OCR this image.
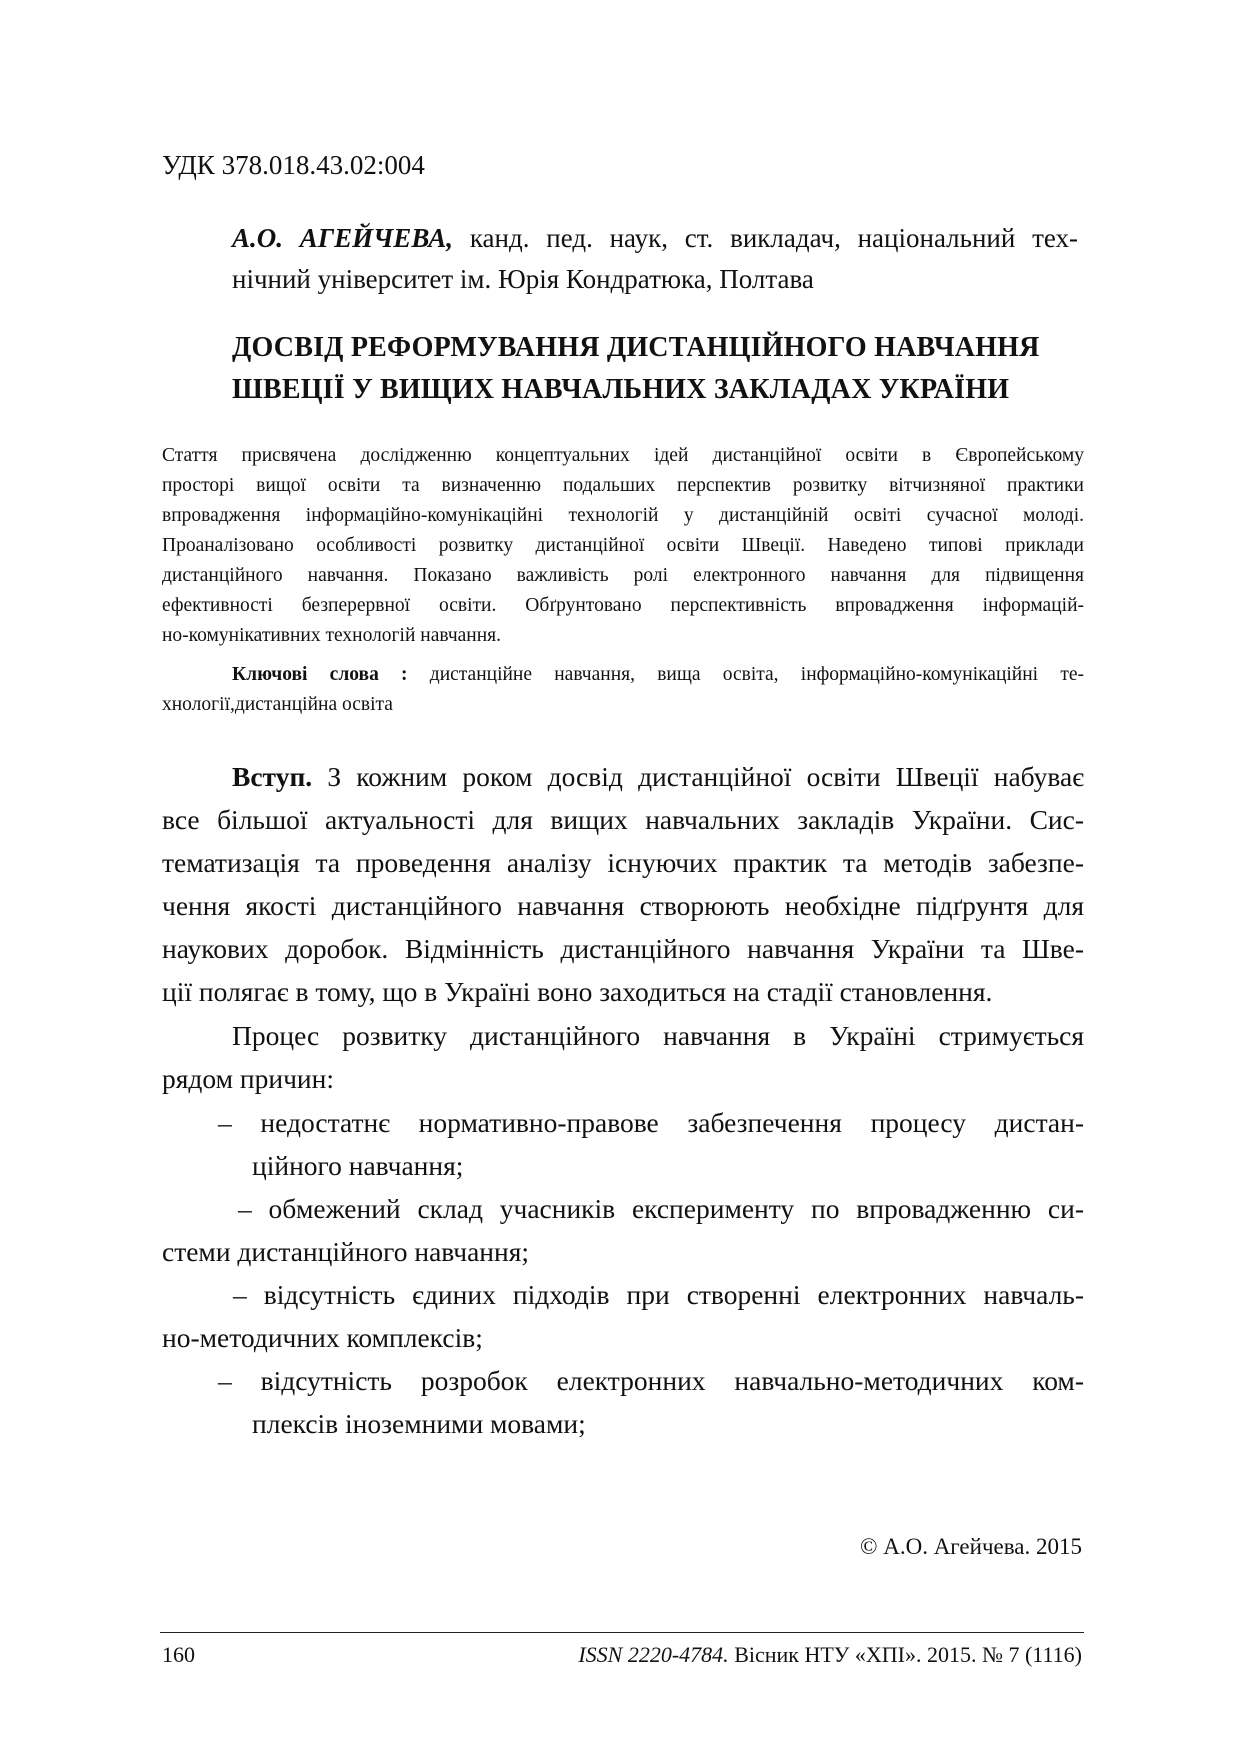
УДК 378.018.43.02:004
А.О. АГЕЙЧЕВА, канд. пед. наук, ст. викладач, національний тех-
нічний університет ім. Юрія Кондратюка, Полтава
ДОСВІД РЕФОРМУВАННЯ ДИСТАНЦІЙНОГО НАВЧАННЯ
ШВЕЦІЇ У ВИЩИХ НАВЧАЛЬНИХ ЗАКЛАДАХ УКРАЇНИ
Стаття присвячена дослідженню концептуальних ідей дистанційної освіти в Європейському
просторі вищої освіти та визначенню подальших перспектив розвитку вітчизняної практики
впровадження інформаційно-комунікаційні технологій у дистанційній освіті сучасної молоді.
Проаналізовано особливості розвитку дистанційної освіти Швеції. Наведено типові приклади
дистанційного навчання. Показано важливість ролі електронного навчання для підвищення
ефективності безперервної освіти. Обґрунтовано перспективність впровадження інформацій-
но-комунікативних технологій навчання.
Ключові слова : дистанційне навчання, вища освіта, інформаційно-комунікаційні те-
хнології,дистанційна освіта
Вступ. З кожним роком досвід дистанційної освіти Швеції набуває
все більшої актуальності для вищих навчальних закладів України. Сис-
тематизація та проведення аналізу існуючих практик та методів забезпе-
чення якості дистанційного навчання створюють необхідне підґрунтя для
наукових доробок. Відмінність дистанційного навчання України та Шве-
ції полягає в тому, що в Україні воно заходиться на стадії становлення.
Процес розвитку дистанційного навчання в Україні стримується
рядом причин:
– недостатнє нормативно-правове забезпечення процесу дистан-
ційного навчання;
– обмежений склад учасників експерименту по впровадженню си-
стеми дистанційного навчання;
– відсутність єдиних підходів при створенні електронних навчаль-
но-методичних комплексів;
– відсутність розробок електронних навчально-методичних ком-
плексів іноземними мовами;
© А.О. Агейчева. 2015
160	ISSN 2220-4784. Вісник НТУ «ХПІ». 2015. № 7 (1116)
